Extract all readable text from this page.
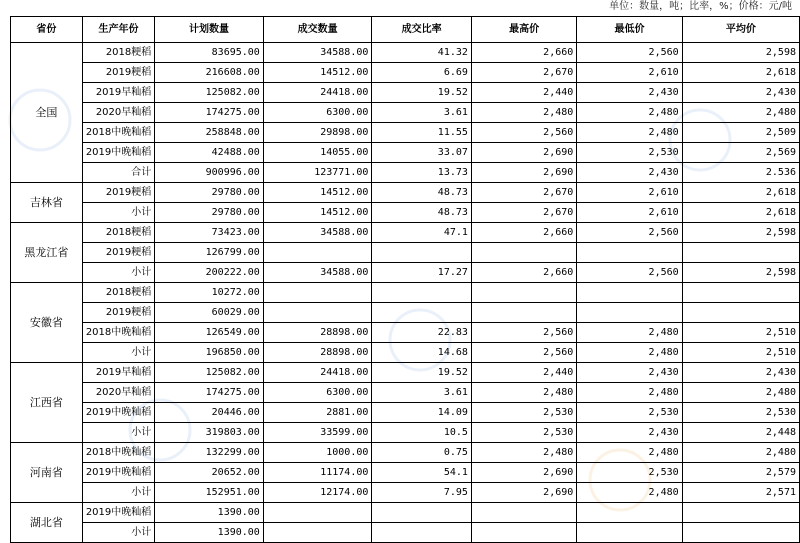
单位：数量，吨；比率，%；价格：元/吨
省份	生产年份	计划数量	成交数量	成交比率	最高价	最低价	平均价
全国	2018粳稻	83695.00	34588.00	41.32	2,660	2,560	2,598
	2019粳稻	216608.00	14512.00	6.69	2,670	2,610	2,618
	2019早籼稻	125082.00	24418.00	19.52	2,440	2,430	2,430
	2020早籼稻	174275.00	6300.00	3.61	2,480	2,480	2,480
	2018中晚籼稻	258848.00	29898.00	11.55	2,560	2,480	2,509
	2019中晚籼稻	42488.00	14055.00	33.07	2,690	2,530	2,569
	合计	900996.00	123771.00	13.73	2,690	2,430	2.536
吉林省	2019粳稻	29780.00	14512.00	48.73	2,670	2,610	2,618
	小计	29780.00	14512.00	48.73	2,670	2,610	2,618
黑龙江省	2018粳稻	73423.00	34588.00	47.1	2,660	2,560	2,598
	2019粳稻	126799.00					
	小计	200222.00	34588.00	17.27	2,660	2,560	2,598
安徽省	2018粳稻	10272.00					
	2019粳稻	60029.00					
	2018中晚籼稻	126549.00	28898.00	22.83	2,560	2,480	2,510
	小计	196850.00	28898.00	14.68	2,560	2,480	2,510
江西省	2019早籼稻	125082.00	24418.00	19.52	2,440	2,430	2,430
	2020早籼稻	174275.00	6300.00	3.61	2,480	2,480	2,480
	2019中晚籼稻	20446.00	2881.00	14.09	2,530	2,530	2,530
	小计	319803.00	33599.00	10.5	2,530	2,430	2,448
河南省	2018中晚籼稻	132299.00	1000.00	0.75	2,480	2,480	2,480
	2019中晚籼稻	20652.00	11174.00	54.1	2,690	2,530	2,579
	小计	152951.00	12174.00	7.95	2,690	2,480	2,571
湖北省	2019中晚籼稻	1390.00					
	小计	1390.00					
